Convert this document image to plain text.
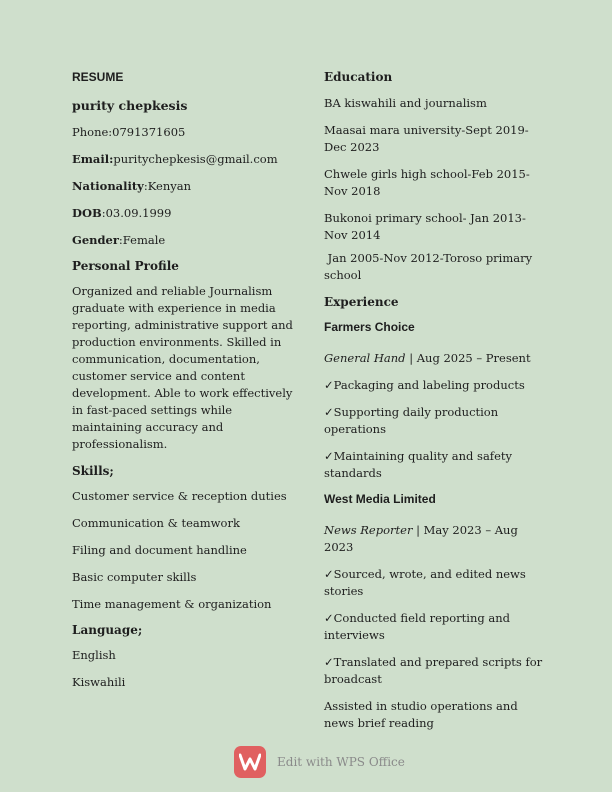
RESUME
purity chepkesis
Phone:0791371605
Email:puritychepkesis@gmail.com
Nationality:Kenyan
DOB:03.09.1999
Gender:Female
Personal Profile
Organized and reliable Journalism graduate with experience in media reporting, administrative support and production environments. Skilled in communication, documentation, customer service and content development. Able to work effectively in fast-paced settings while maintaining accuracy and professionalism.
Skills;
Customer service & reception duties
Communication & teamwork
Filing and document handline
Basic computer skills
Time management & organization
Language;
English
Kiswahili
Education
BA kiswahili and journalism
Maasai mara university-Sept 2019-Dec 2023
Chwele girls high school-Feb 2015-Nov 2018
Bukonoi primary school- Jan 2013-Nov 2014
Jan 2005-Nov 2012-Toroso primary school
Experience
Farmers Choice
General Hand | Aug 2025 – Present
✓Packaging and labeling products
✓Supporting daily production operations
✓Maintaining quality and safety standards
West Media Limited
News Reporter | May 2023 – Aug 2023
✓Sourced, wrote, and edited news stories
✓Conducted field reporting and interviews
✓Translated and prepared scripts for broadcast
Assisted in studio operations and news brief reading
Edit with WPS Office
